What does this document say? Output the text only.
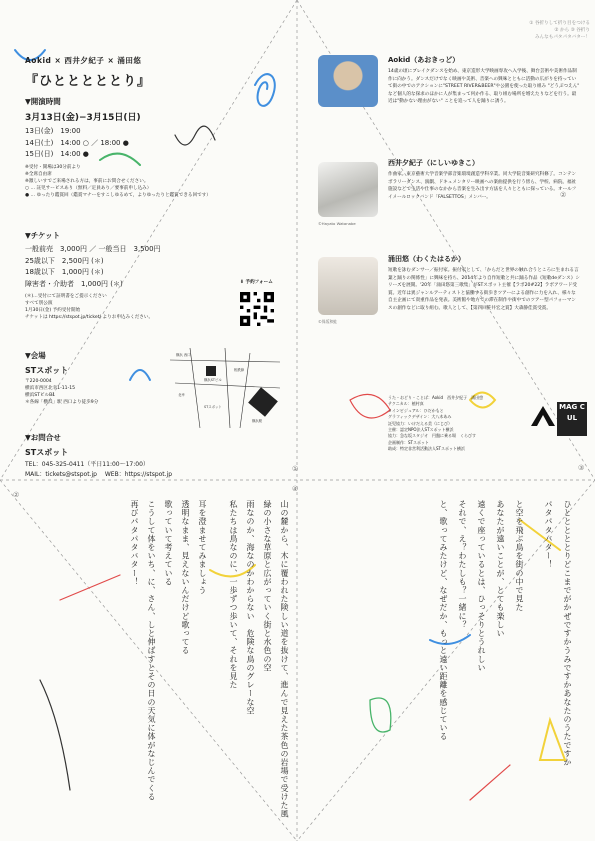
① 谷折りして折り目をつける
② から ③ 谷折り
みんなもパタパタバター！
Aokid × 西井夕紀子 × 涌田悠
『ひとととととり』
▼開演時間
3月13日(金)−3月15日(日)
13日(金)　19:00
14日(土)　14:00 ○ ／ 18:00 ●
15日(日)　14:00 ●
※受付・開場は30分前より
※全席自由席
※激しいすでご来場される方は，事前にお問合せください。
○ … 託児サービスあり（無料／定員あり／要事前申し込み）
● … ゆったり鑑賞回（鑑賞マナーをすこしゆるめて，よりゆったりと鑑賞できる回です）
▼チケット
一般前売　3,000円 ／ 一般当日　3,500円
25歳以下　2,500円 (＊)
18歳以下　1,000円 (＊)
障害者・介助者　1,000円 (＊)
(＊)…受付にて証明書をご提示ください
すべて別公演
1月30日(金) 予約受付開始
チケットは https://stspot.jp/ticket/ よりお申込みください。
⬇ 予約フォーム
▼会場
STスポット
〒220-0004
横浜市西区北幸1-11-15
横浜STビルB1
＊各線「横浜」駅 西口より徒歩9分
横浜 西口
横浜STビル
相鉄線
北幸
STスポット
横浜駅
▼お問合せ
STスポット
TEL：045-325-0411（平日11:00〜17:00）
MAIL：tickets@stspot.jp　 WEB：https://stspot.jp
©Hayato Watanabe
©保坂和蛙
Aokid（あおきっど）
14歳の頃にブレイクダンスを始め、東京造形大学映画専攻へ入学後、舞台芸術や美術作品制作に向かう。ダンスだけでなく映画や美術、音楽への興味とともに活動の広がりを持っていて街の中でのアクションに"STREET RIVER&BEER"や公園を使った取り組み "どうぶつえん" など個人的な探求のほかに人が集まって何か作る、取り組む場所を増えたりなどを行う。最近は"動かない理由がない" ことを追って人を踊りに誘う。
西井夕紀子（にしいゆきこ）
作曲家。東京藝術大学音楽学部音楽環境創造学科卒業。同大学院音楽研究科修了。コンテンポラリーダンス、演劇、ドキュメンタリー映画への楽曲提供を行う傍ら、学校、病院、福祉施設などで生活や仕事のなかから音楽を生み出す方法を人々とともに探っている。オールフイメールロックバンド「FALSETTOS」メンバー。
涌田悠（わくたはるか）
短歌を詠むダンサー／振付家。振付家として、「からだと世界の触れ合うところに生まれる言葉と踊りの関係性」に興味を持ち、2014年より自作短歌と共に踊る作品《短歌deダンス》シリーズを展開。'20年「涌田悠第三歌集」がSTスポット主催【ラボ20#22】ラボアワード受賞。近年は異ジャンルアーティストと協働する街歩きツアーによる創作に力を入れ、様々な自主企画にて貴重作品を発表。美術館や地方での滞在制作や街中でのツアー型パフォーマンスの創作などに取り組む。歌人として、【第四回笹井宏之賞】大森静佳賞受賞。
うた・おどり・ことば：Aokid　西井夕紀子　涌田悠
テクニカル：植村真
メインビジュアル：ひだかもと
グラフィックデザイン：大八木あみ
託児協力：いけだえる美（にじび）
主催：認定NPO法人STスポット横浜
協力：急な坂スタジオ　円盤に乗る場　くらびす
企画制作：STスポット
助成：特定非営利活動法人STスポット横浜
MAG CUL
①
②
②
③
④
ひとととととりどこまでがかぜですかうみですかあなたのうたですか
パタパタバター！
と空を飛ぶ鳥を街の中で見た
あなたが遠いことが、とても楽しい
遠くで座っているとは、ひっそりとうれしい
それで、え？わたしも？一緒に？
と、歌ってみたけど、なぜだか、もっと遠い距離を感じている
山の麓から、木に覆われた険しい道を抜けて、進んで見えた茶色の岩場で受けた風
緑の小さな草原と広がっていく街と水色の空
雨なのか、海なのかわからない　危険な鳥のグレーな空
私たちは鳥なのに、一歩ずつ歩いて、それを見た
耳を澄ませてみましょう
透明なまま、見えないんだけど歌ってる
歌っていて考えている
こうして体をいち、に、さん、しと伸ばすとその日の天気に体がなじんでくる
再びパタパタバター！
